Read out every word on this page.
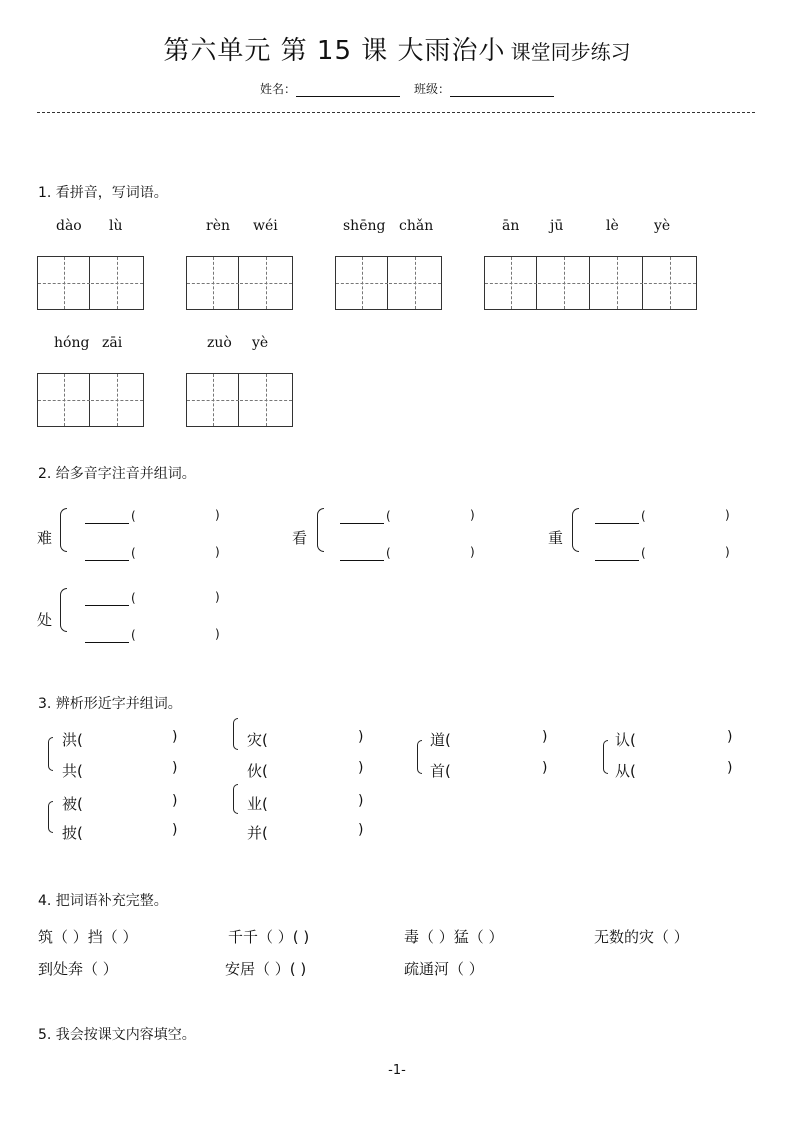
第六单元 第 15 课 大雨治小 课堂同步练习
姓名：	班级：
1. 看拼音，写词语。
dào lù	rèn wéi	shēng chǎn	ān jū	lè	yè
hóng zāi	zuò yè
2. 给多音字注音并组词。
难
(	)
(	)
看
(	)
(	)
重
(	)
(	)
处
(	)
(	)
3. 辨析形近字并组词。
洪(	)
共(	)
灾(	)
伙(	)
道(	)
首(	)
认(	)
从(	)
被(	)
披(	)
业(	)
并(	)
4. 把词语补充完整。
筑（ ）挡（ ）	千千（ ）( )	毒（ ）猛（ ）	无数的灾（ ）
到处奔（ ）	安居（ ）( )	疏通河（ ）
5. 我会按课文内容填空。
-1-
